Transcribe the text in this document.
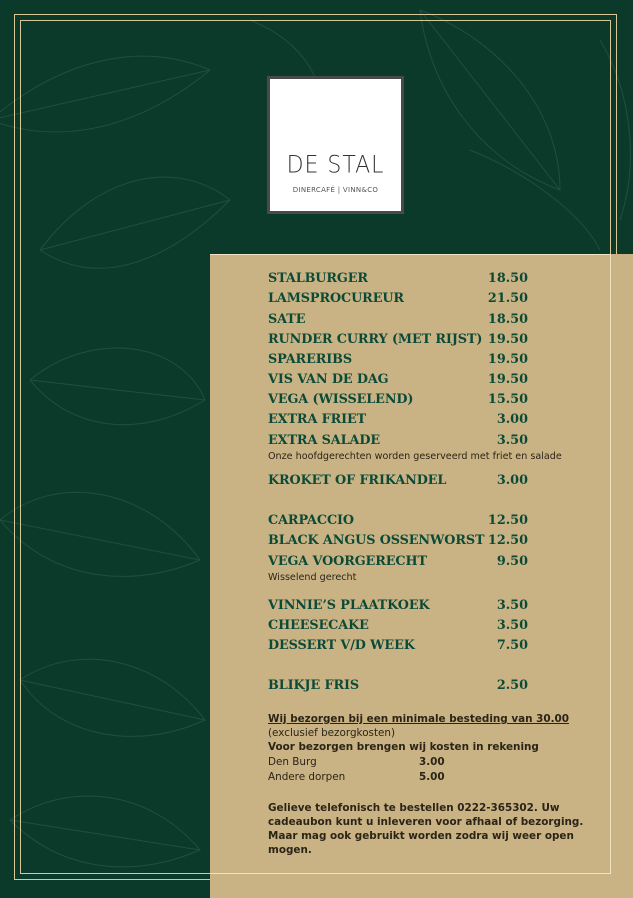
DE STAL
DINERCAFÉ | VINN&CO
STALBURGER	18.50
LAMSPROCUREUR	21.50
SATE	18.50
RUNDER CURRY (MET RIJST) 19.50
SPARERIBS	19.50
VIS VAN DE DAG	19.50
VEGA (WISSELEND)	15.50
EXTRA FRIET	3.00
EXTRA SALADE	3.50
Onze hoofdgerechten worden geserveerd met friet en salade
KROKET OF FRIKANDEL	3.00
CARPACCIO	12.50
BLACK ANGUS OSSENWORST 12.50
VEGA VOORGERECHT	9.50
Wisselend gerecht
VINNIE’S PLAATKOEK	3.50
CHEESECAKE	3.50
DESSERT V/D WEEK	7.50
BLIKJE FRIS	2.50
Wij bezorgen bij een minimale besteding van 30.00
(exclusief bezorgkosten)
Voor bezorgen brengen wij kosten in rekening
Den Burg	3.00
Andere dorpen	5.00
Gelieve telefonisch te bestellen 0222-365302. Uw
cadeaubon kunt u inleveren voor afhaal of bezorging.
Maar mag ook gebruikt worden zodra wij weer open
mogen.
